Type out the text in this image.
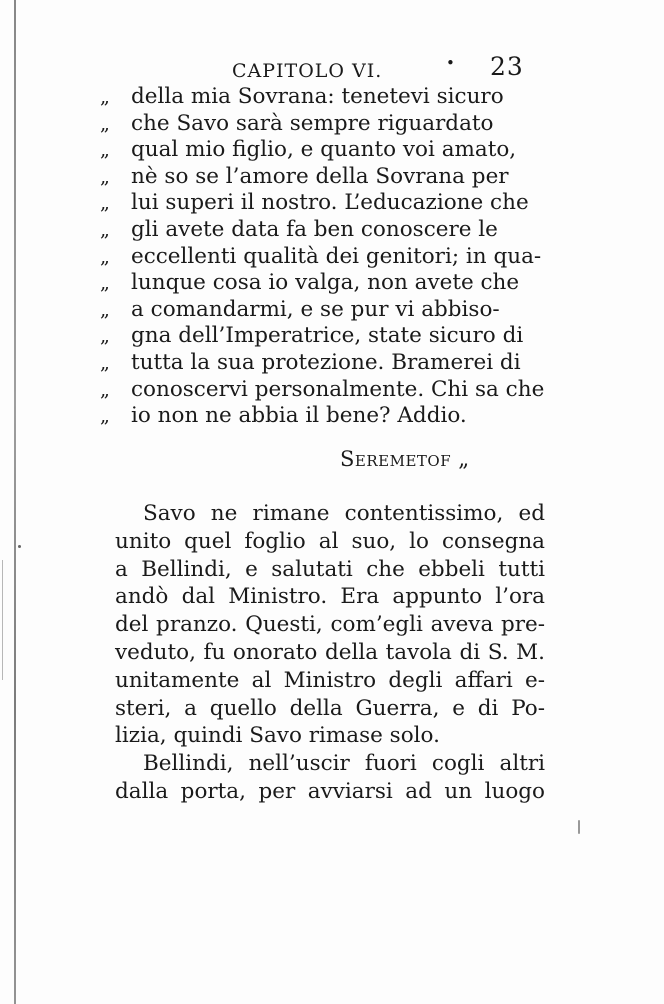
CAPITOLO VI.	• 23
„	della mia Sovrana: tenetevi sicuro
„	che Savo sarà sempre riguardato
„	qual mio figlio, e quanto voi amato,
„	nè so se l’amore della Sovrana per
„	lui superi il nostro. L’educazione che
„	gli avete data fa ben conoscere le
„	eccellenti qualità dei genitori; in qua-
„	lunque cosa io valga, non avete che
„	a comandarmi, e se pur vi abbiso-
„	gna dell’Imperatrice, state sicuro di
„	tutta la sua protezione. Bramerei di
„	conoscervi personalmente. Chi sa che
„	io non ne abbia il bene? Addio.
Seremetof „
Savo ne rimane contentissimo, ed
unito quel foglio al suo, lo consegna
a Bellindi, e salutati che ebbeli tutti
andò dal Ministro. Era appunto l’ora
del pranzo. Questi, com’egli aveva pre-
veduto, fu onorato della tavola di S. M.
unitamente al Ministro degli affari e-
steri, a quello della Guerra, e di Po-
lizia, quindi Savo rimase solo.
Bellindi, nell’uscir fuori cogli altri
dalla porta, per avviarsi ad un luogo
